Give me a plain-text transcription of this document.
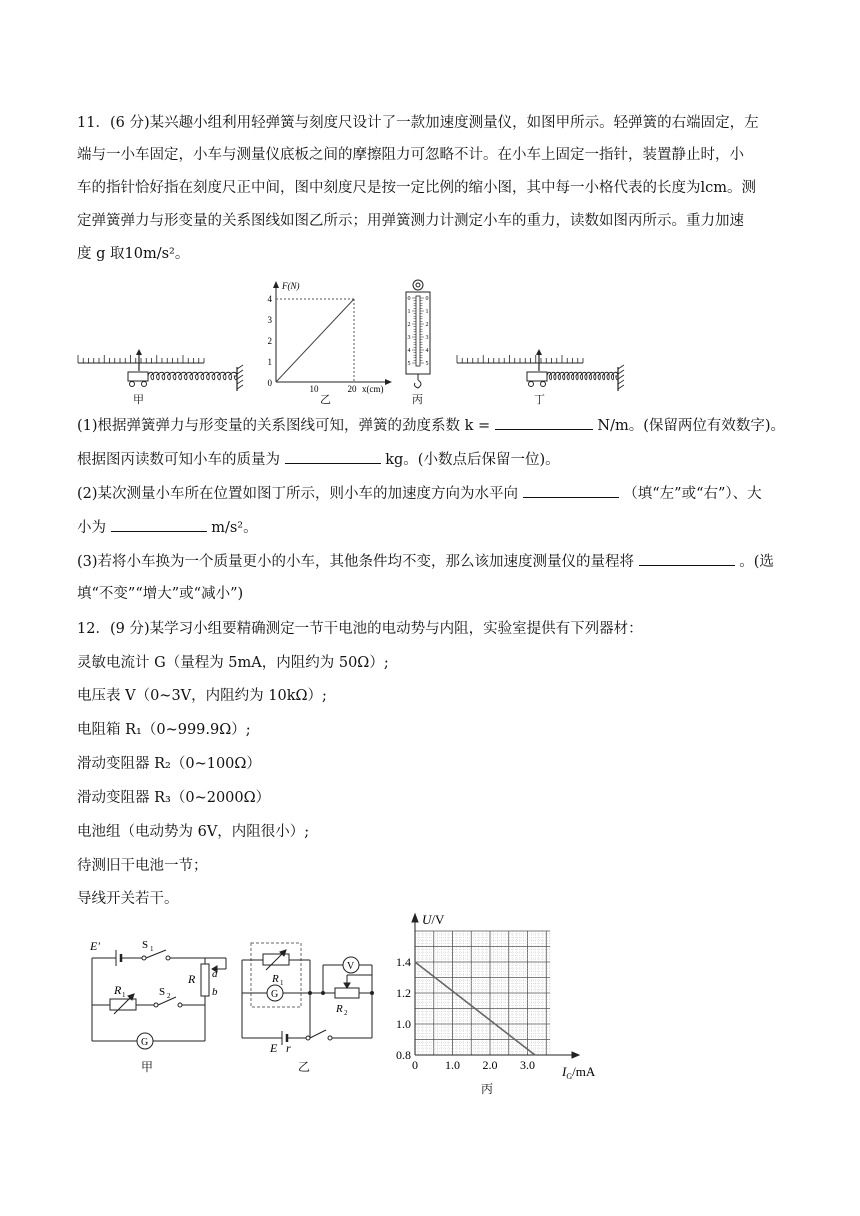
11．(6 分)某兴趣小组利用轻弹簧与刻度尺设计了一款加速度测量仪，如图甲所示。轻弹簧的右端固定，左
端与一小车固定，小车与测量仪底板之间的摩擦阻力可忽略不计。在小车上固定一指针，装置静止时，小
车的指针恰好指在刻度尺正中间，图中刻度尺是按一定比例的缩小图，其中每一小格代表的长度为lcm。测
定弹簧弹力与形变量的关系图线如图乙所示；用弹簧测力计测定小车的重力，读数如图丙所示。重力加速
度 g 取10m/s²。
甲
F(N)
x(cm)
0
1
2
3
4
10	20
乙
0
1
2
3
4
5
0
1
2
3
4
5
丙	丁
(1)根据弹簧弹力与形变量的关系图线可知，弹簧的劲度系数 k =	N/m。(保留两位有效数字)。
根据图丙读数可知小车的质量为	kg。(小数点后保留一位)。
(2)某次测量小车所在位置如图丁所示，则小车的加速度方向为水平向	（填“左”或“右”）、大
小为	m/s²。
(3)若将小车换为一个质量更小的小车，其他条件均不变，那么该加速度测量仪的量程将	。(选
填“不变”“增大”或“减小”)
12．(9 分)某学习小组要精确测定一节干电池的电动势与内阻，实验室提供有下列器材：
灵敏电流计 G（量程为 5mA，内阻约为 50Ω）;
电压表 V（0~3V，内阻约为 10kΩ）;
电阻箱 R₁（0~999.9Ω）;
滑动变阻器 R₂（0~100Ω）
滑动变阻器 R₃（0~2000Ω）
电池组（电动势为 6V，内阻很小）;
待测旧干电池一节；
导线开关若干。
E′	S 1
S 2
R
R 1
a
b
G
甲
R 1
G
V
R 2
E r
乙	0 1.0 2.0 3.0
0.8
1.0
1.2
1.4
U/V
$I_G/mA$
丙
